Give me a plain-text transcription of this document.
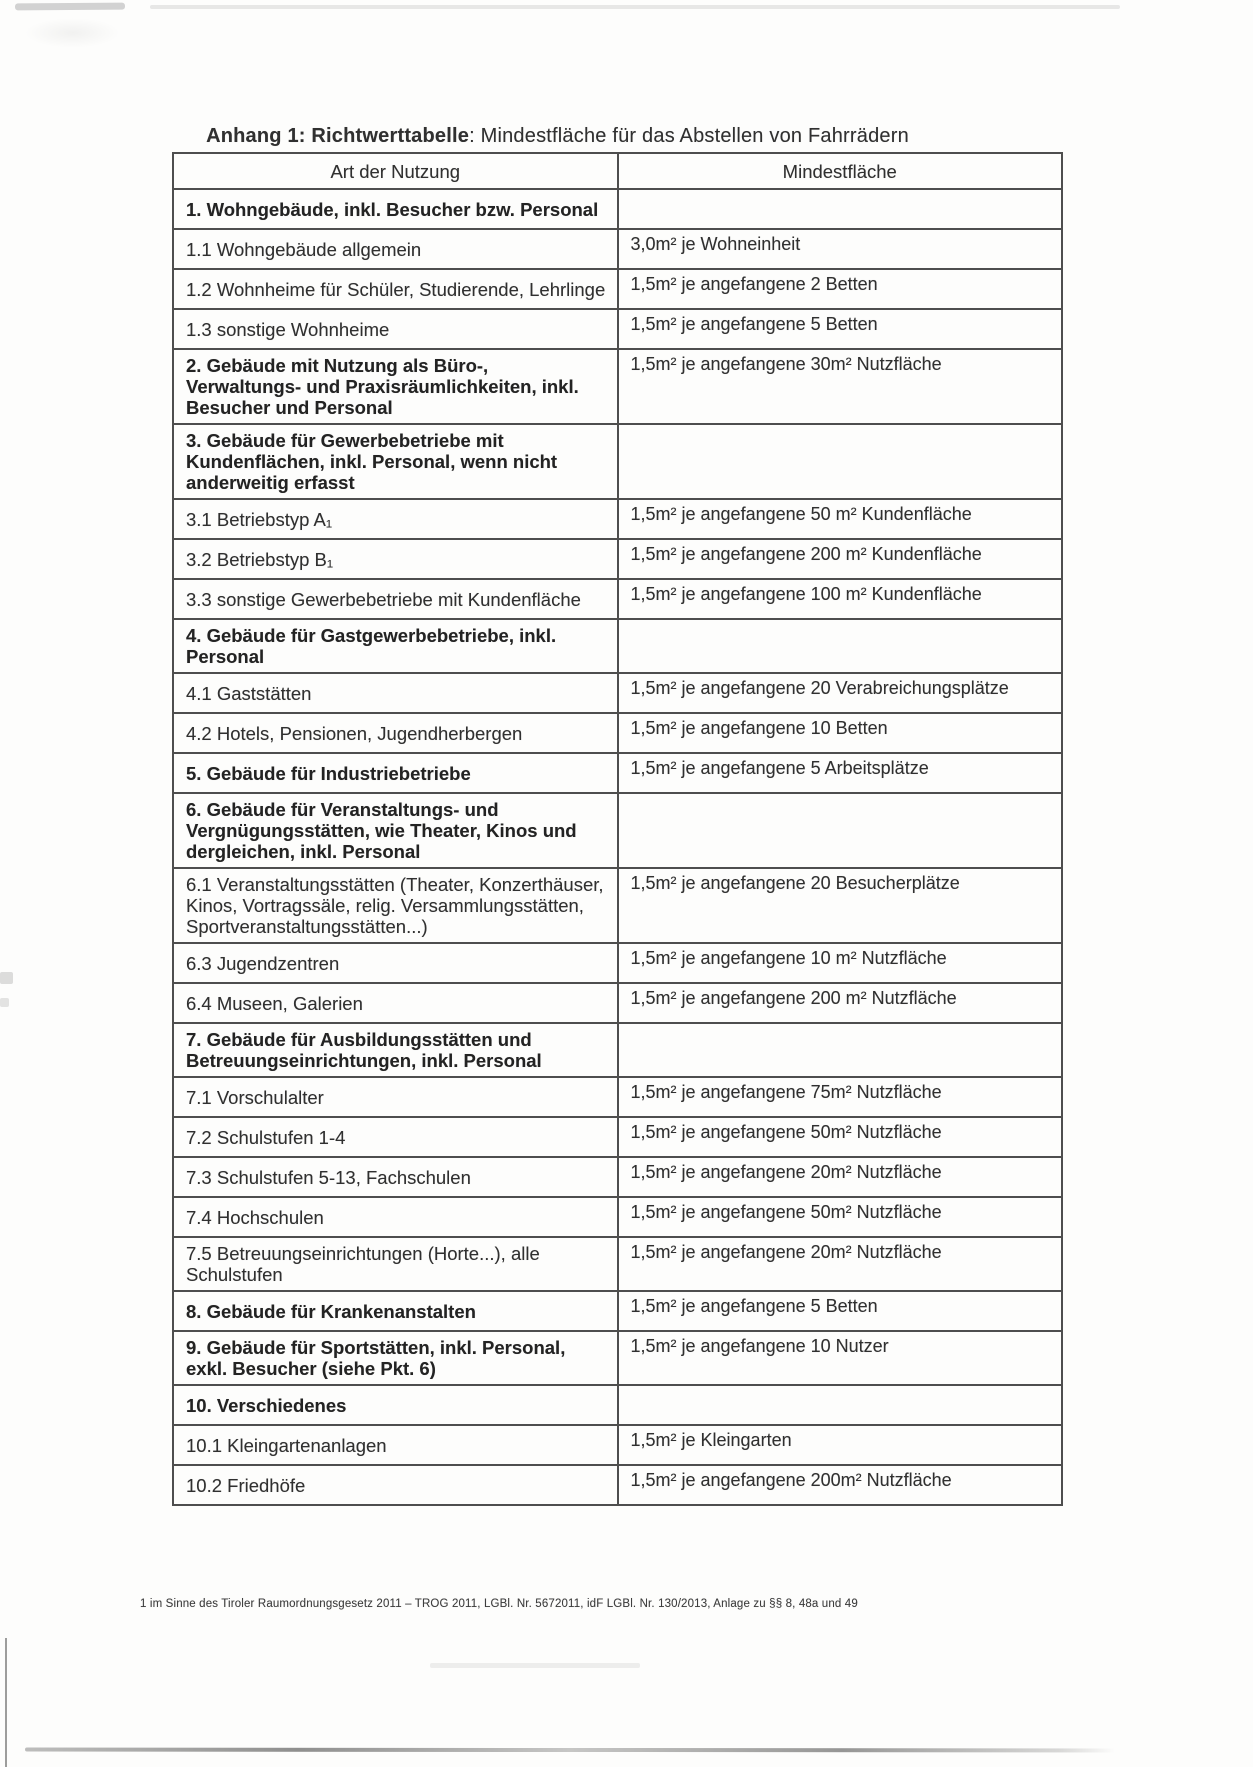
Anhang 1: Richtwerttabelle: Mindestfläche für das Abstellen von Fahrrädern
Art der Nutzung	Mindestfläche
1. Wohngebäude, inkl. Besucher bzw. Personal	
1.1 Wohngebäude allgemein	3,0m² je Wohneinheit
1.2 Wohnheime für Schüler, Studierende, Lehrlinge	1,5m² je angefangene 2 Betten
1.3 sonstige Wohnheime	1,5m² je angefangene 5 Betten
2. Gebäude mit Nutzung als Büro-, Verwaltungs- und Praxisräumlichkeiten, inkl. Besucher und Personal	1,5m² je angefangene 30m² Nutzfläche
3. Gebäude für Gewerbebetriebe mit Kundenflächen, inkl. Personal, wenn nicht anderweitig erfasst	
3.1 Betriebstyp A₁	1,5m² je angefangene 50 m² Kundenfläche
3.2 Betriebstyp B₁	1,5m² je angefangene 200 m² Kundenfläche
3.3 sonstige Gewerbebetriebe mit Kundenfläche	1,5m² je angefangene 100 m² Kundenfläche
4. Gebäude für Gastgewerbebetriebe, inkl. Personal	
4.1 Gaststätten	1,5m² je angefangene 20 Verabreichungsplätze
4.2 Hotels, Pensionen, Jugendherbergen	1,5m² je angefangene 10 Betten
5. Gebäude für Industriebetriebe	1,5m² je angefangene 5 Arbeitsplätze
6. Gebäude für Veranstaltungs- und Vergnügungsstätten, wie Theater, Kinos und dergleichen, inkl. Personal	
6.1 Veranstaltungsstätten (Theater, Konzerthäuser, Kinos, Vortragssäle, relig. Versammlungsstätten, Sportveranstaltungsstätten...)	1,5m² je angefangene 20 Besucherplätze
6.3 Jugendzentren	1,5m² je angefangene 10 m² Nutzfläche
6.4 Museen, Galerien	1,5m² je angefangene 200 m² Nutzfläche
7. Gebäude für Ausbildungsstätten und Betreuungseinrichtungen, inkl. Personal	
7.1 Vorschulalter	1,5m² je angefangene 75m² Nutzfläche
7.2 Schulstufen 1-4	1,5m² je angefangene 50m² Nutzfläche
7.3 Schulstufen 5-13, Fachschulen	1,5m² je angefangene 20m² Nutzfläche
7.4 Hochschulen	1,5m² je angefangene 50m² Nutzfläche
7.5 Betreuungseinrichtungen (Horte...), alle Schulstufen	1,5m² je angefangene 20m² Nutzfläche
8. Gebäude für Krankenanstalten	1,5m² je angefangene 5 Betten
9. Gebäude für Sportstätten, inkl. Personal, exkl. Besucher (siehe Pkt. 6)	1,5m² je angefangene 10 Nutzer
10. Verschiedenes	
10.1 Kleingartenanlagen	1,5m² je Kleingarten
10.2 Friedhöfe	1,5m² je angefangene 200m² Nutzfläche
1 im Sinne des Tiroler Raumordnungsgesetz 2011 – TROG 2011, LGBl. Nr. 5672011, idF LGBl. Nr. 130/2013, Anlage zu §§ 8, 48a und 49
